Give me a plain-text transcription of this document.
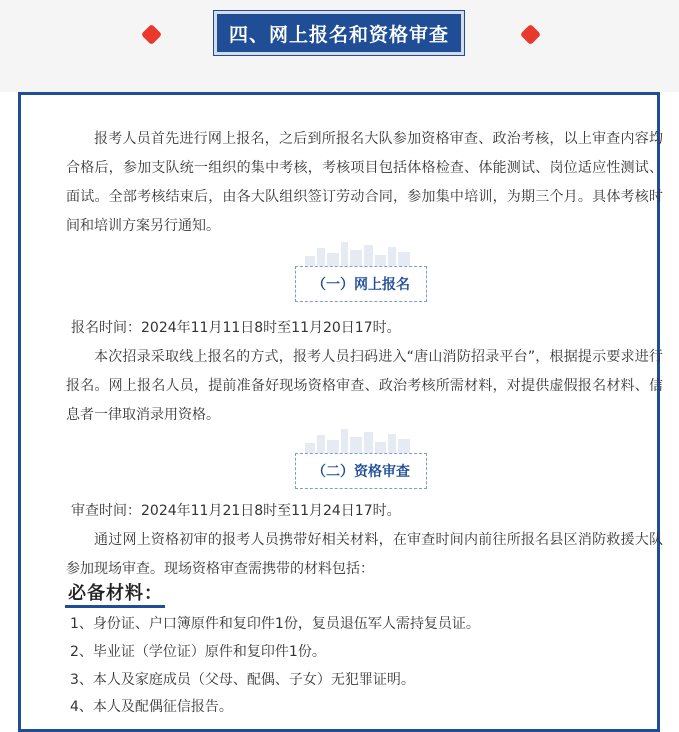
四、网上报名和资格审查

报考人员首先进行网上报名，之后到所报名大队参加资格审查、政治考核，以上审查内容均合格后，参加支队统一组织的集中考核，考核项目包括体格检查、体能测试、岗位适应性测试、面试。全部考核结束后，由各大队组织签订劳动合同，参加集中培训，为期三个月。具体考核时间和培训方案另行通知。

（一）网上报名

报名时间：2024年11月11日8时至11月20日17时。

本次招录采取线上报名的方式，报考人员扫码进入“唐山消防招录平台”，根据提示要求进行报名。网上报名人员，提前准备好现场资格审查、政治考核所需材料，对提供虚假报名材料、信息者一律取消录用资格。

（二）资格审查

审查时间：2024年11月21日8时至11月24日17时。

通过网上资格初审的报考人员携带好相关材料，在审查时间内前往所报名县区消防救援大队参加现场审查。现场资格审查需携带的材料包括：

必备材料：
1、身份证、户口簿原件和复印件1份，复员退伍军人需持复员证。
2、毕业证（学位证）原件和复印件1份。
3、本人及家庭成员（父母、配偶、子女）无犯罪证明。
4、本人及配偶征信报告。
